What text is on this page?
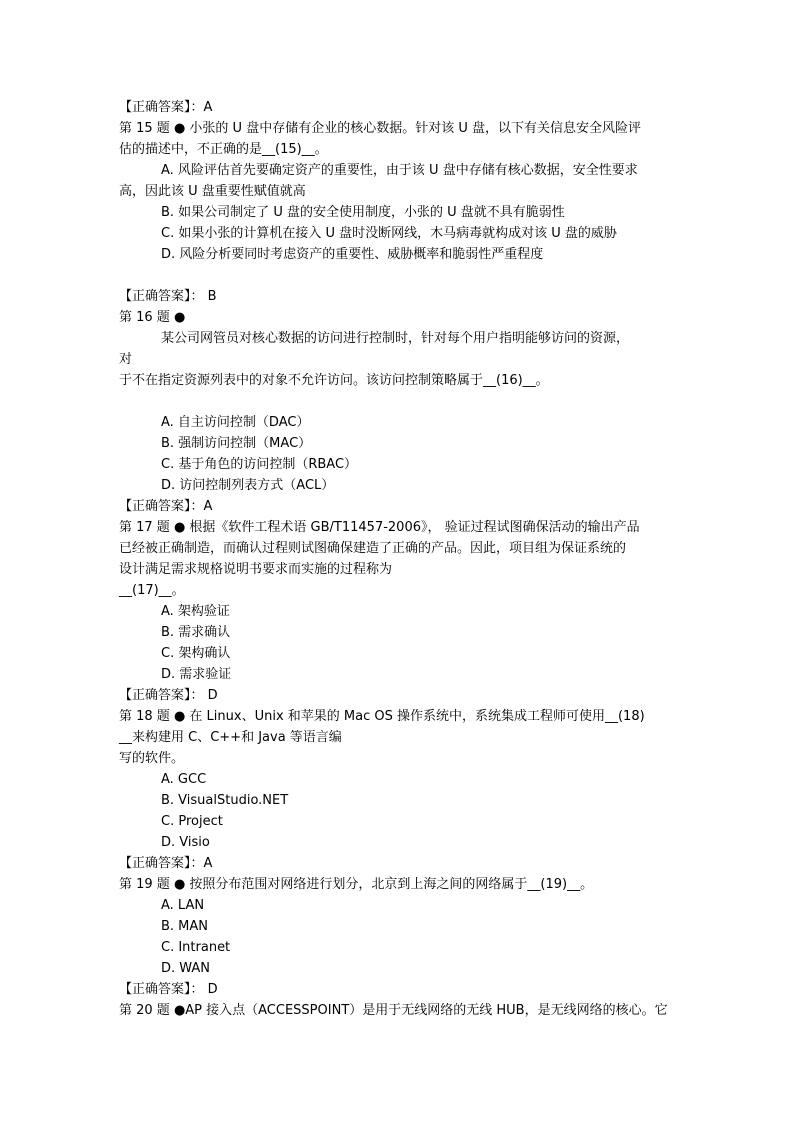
【正确答案】：A
第 15 题 ● 小张的 U 盘中存储有企业的核心数据。针对该 U 盘，以下有关信息安全风险评
估的描述中，不正确的是__(15)__。
A. 风险评估首先要确定资产的重要性，由于该 U 盘中存储有核心数据，安全性要求
高，因此该 U 盘重要性赋值就高
B. 如果公司制定了 U 盘的安全使用制度，小张的 U 盘就不具有脆弱性
C. 如果小张的计算机在接入 U 盘时没断网线，木马病毒就构成对该 U 盘的威胁
D. 风险分析要同时考虑资产的重要性、威胁概率和脆弱性严重程度
【正确答案】： B
第 16 题 ●
某公司网管员对核心数据的访问进行控制时，针对每个用户指明能够访问的资源，
对
于不在指定资源列表中的对象不允许访问。该访问控制策略属于__(16)__。
A. 自主访问控制（DAC）
B. 强制访问控制（MAC）
C. 基于角色的访问控制（RBAC）
D. 访问控制列表方式（ACL）
【正确答案】：A
第 17 题 ● 根据《软件工程术语 GB/T11457-2006》， 验证过程试图确保活动的输出产品
已经被正确制造，而确认过程则试图确保建造了正确的产品。因此，项目组为保证系统的
设计满足需求规格说明书要求而实施的过程称为
__(17)__。
A. 架构验证
B. 需求确认
C. 架构确认
D. 需求验证
【正确答案】： D
第 18 题 ● 在 Linux、Unix 和苹果的 Mac OS 操作系统中，系统集成工程师可使用__(18)
__来构建用 C、C++和 Java 等语言编
写的软件。
A. GCC
B. VisualStudio.NET
C. Project
D. Visio
【正确答案】：A
第 19 题 ● 按照分布范围对网络进行划分，北京到上海之间的网络属于__(19)__。
A. LAN
B. MAN
C. Intranet
D. WAN
【正确答案】： D
第 20 题 ●AP 接入点（ACCESSPOINT）是用于无线网络的无线 HUB，是无线网络的核心。它
